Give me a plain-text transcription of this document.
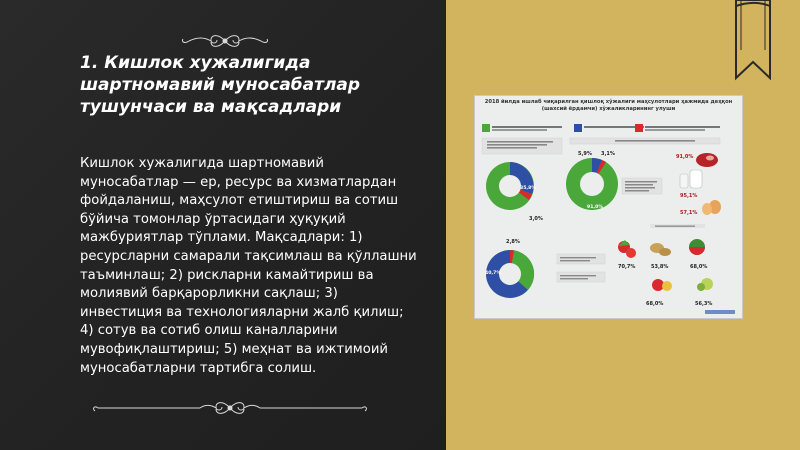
1. Кишлок хужалигида шартномавий муносабатлар тушунчаси ва мақсадлари

Кишлок хужалигида шартномавий муносабатлар — ер, ресурс ва хизматлардан фойдаланиш, маҳсулот етиштириш ва сотиш бўйича томонлар ўртасидаги ҳуқуқий мажбуриятлар тўплами. Мақсадлари: 1) ресурсларни самарали тақсимлаш ва қўллашни таъминлаш; 2) рискларни камайтириш ва молиявий барқарорликни сақлаш; 3) инвестиция ва технологияларни жалб қилиш; 4) сотув ва сотиб олиш каналларини мувофиқлаштириш; 5) меҳнат ва ижтимоий муносабатларни тартибга солиш.

2018 йилда ишлаб чиқарилган қишлоқ хўжалиги маҳсулотлари ҳажмида деҳқон (шахсий ёрдамчи) хўжаликларининг улуши
35,8%
3,0%
5,9% 3,1%
91,0%
91,0%
95,1%
57,1%
2,8%
40,7%
70,7%	53,8%	68,0%
68,0%	56,3%
